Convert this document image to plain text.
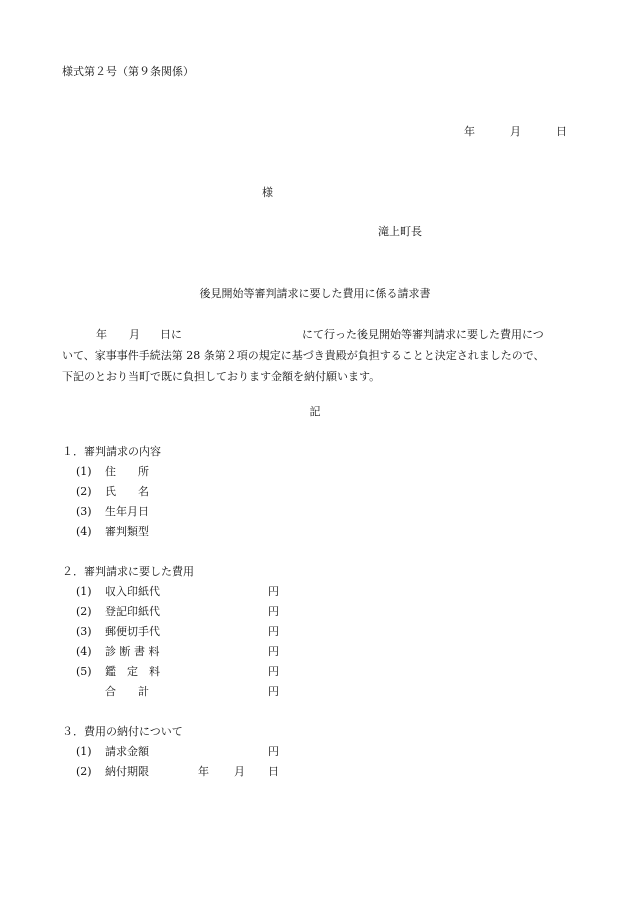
様式第２号（第９条関係）
年	月	日
様
滝上町長
後見開始等審判請求に要した費用に係る請求書
年 月 日に	にて行った後見開始等審判請求に要した費用につ
いて、家事事件手続法第 28 条第２項の規定に基づき貴殿が負担することと決定されましたので、
下記のとおり当町で既に負担しております金額を納付願います。
記
１．審判請求の内容
(1) 住　　所
(2) 氏　　名
(3) 生年月日
(4) 審判類型
２．審判請求に要した費用
(1) 収入印紙代	円
(2) 登記印紙代	円
(3) 郵便切手代	円
(4) 診 断 書 料	円
(5) 鑑　定　料	円
合　　計	円
３．費用の納付について
(1) 請求金額	円
(2) 納付期限	年 月 日
